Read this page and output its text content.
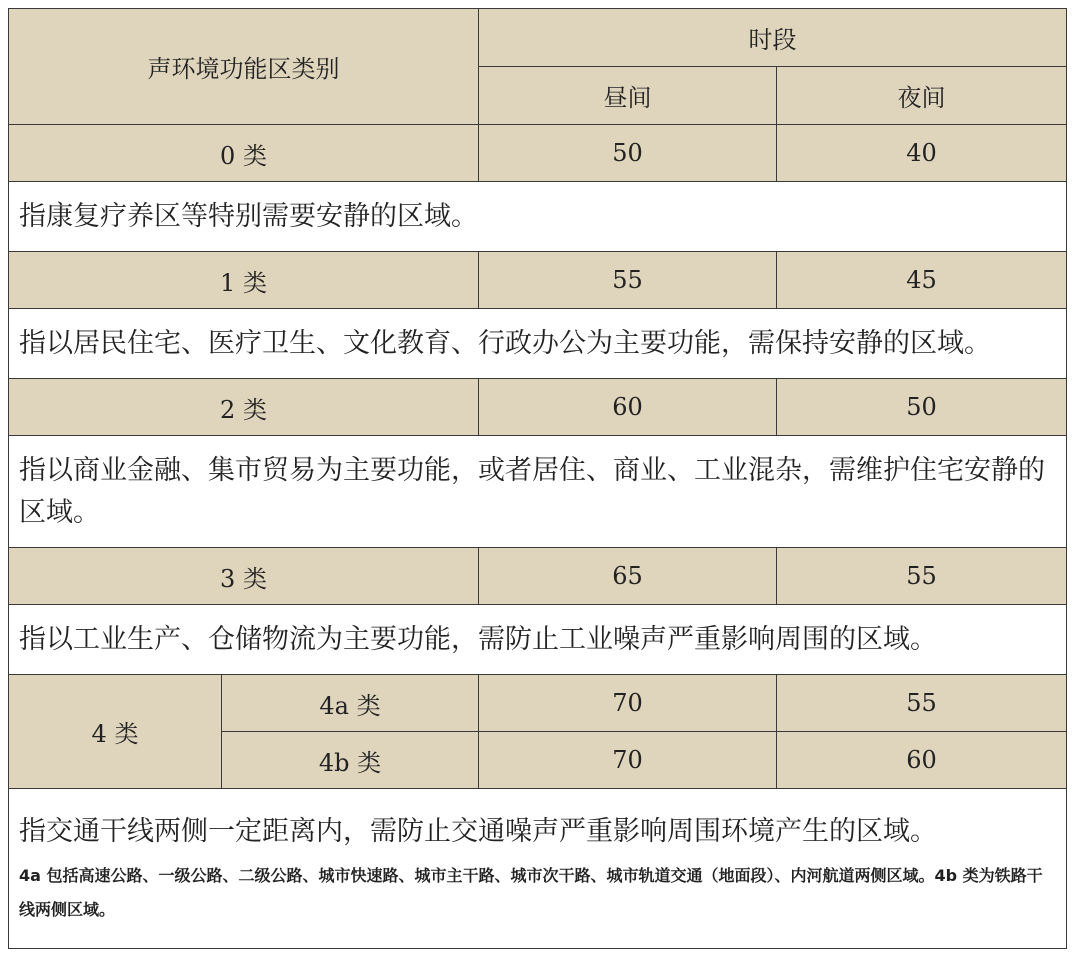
声环境功能区类别		时段	
		昼间	夜间
0 类		50	40
指康复疗养区等特别需要安静的区域。			
1 类		55	45
指以居民住宅、医疗卫生、文化教育、行政办公为主要功能，需保持安静的区域。			
2 类		60	50
指以商业金融、集市贸易为主要功能，或者居住、商业、工业混杂，需维护住宅安静的区域。			
3 类		65	55
指以工业生产、仓储物流为主要功能，需防止工业噪声严重影响周围的区域。			
4 类	4a 类	70	55
	4b 类	70	60
指交通干线两侧一定距离内，需防止交通噪声严重影响周围环境产生的区域。
4a 包括高速公路、一级公路、二级公路、城市快速路、城市主干路、城市次干路、城市轨道交通（地面段）、内河航道两侧区域。4b 类为铁路干线两侧区域。			
